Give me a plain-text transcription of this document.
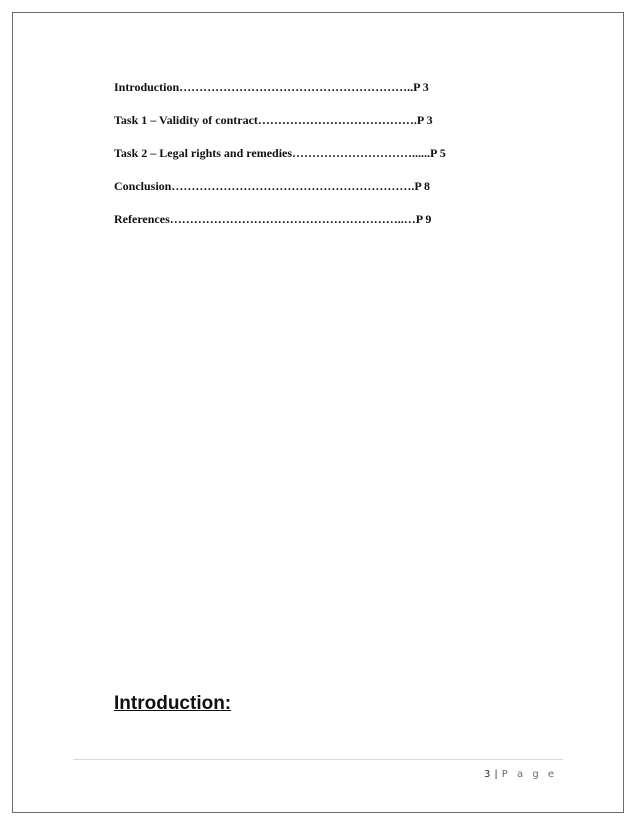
Introduction…………………………………………………..P 3
Task 1 – Validity of contract………………………………….P 3
Task 2 – Legal rights and remedies…………………………......P 5
Conclusion…………………………………………………….P 8
References…………………………………………………..…P 9
Introduction:
3 | P a g e
